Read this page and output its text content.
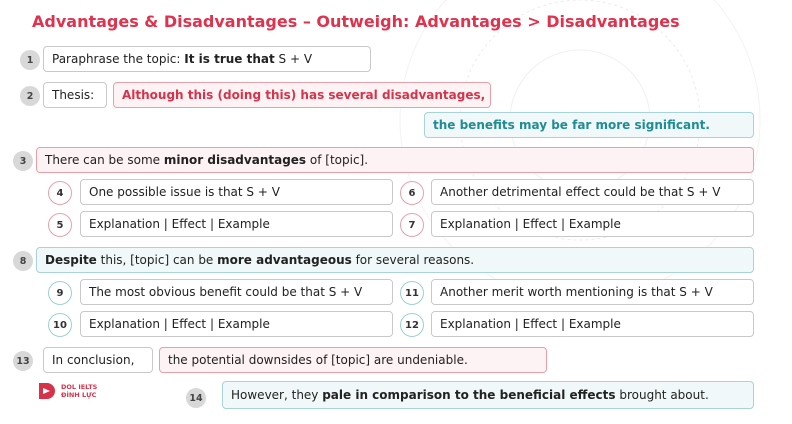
Advantages & Disadvantages – Outweigh: Advantages > Disadvantages
1	Paraphrase the topic: It is true that S + V
2	Thesis: Although this (doing this) has several disadvantages,
the benefits may be far more significant.
3	There can be some minor disadvantages of [topic].
4	One possible issue is that S + V	6	Another detrimental effect could be that S + V
5	Explanation | Effect | Example	7	Explanation | Effect | Example
8	Despite this, [topic] can be more advantageous for several reasons.
9	The most obvious benefit could be that S + V	11	Another merit worth mentioning is that S + V
10	Explanation | Effect | Example	12	Explanation | Effect | Example
13 In conclusion,	the potential downsides of [topic] are undeniable.
DOL IELTS
ĐÌNH LỰC	14 However, they pale in comparison to the beneficial effects brought about.
